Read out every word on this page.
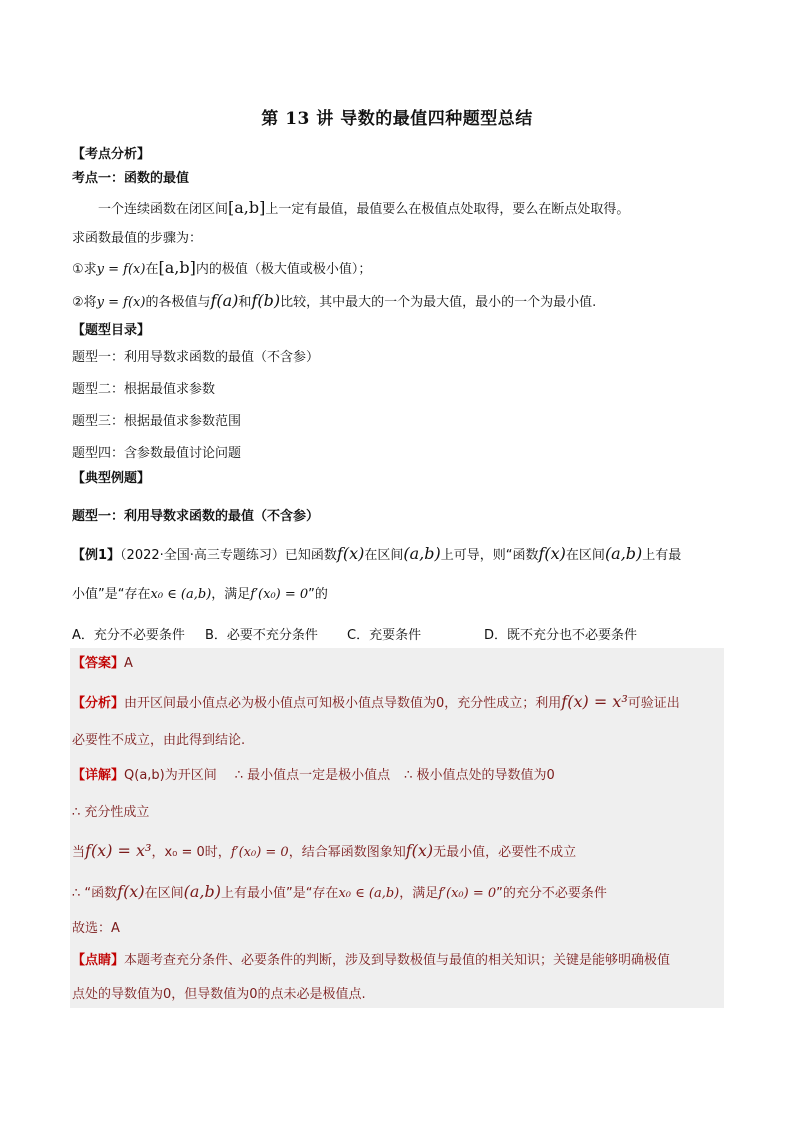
第 13 讲 导数的最值四种题型总结
【考点分析】
考点一：函数的最值
一个连续函数在闭区间[a,b]上一定有最值，最值要么在极值点处取得，要么在断点处取得。
求函数最值的步骤为：
①求y = f(x)在[a,b]内的极值（极大值或极小值）；
②将y = f(x)的各极值与f(a)和f(b)比较，其中最大的一个为最大值，最小的一个为最小值.
【题型目录】
题型一：利用导数求函数的最值（不含参）
题型二：根据最值求参数
题型三：根据最值求参数范围
题型四：含参数最值讨论问题
【典型例题】
题型一：利用导数求函数的最值（不含参）
【例1】（2022·全国·高三专题练习）已知函数f(x)在区间(a,b)上可导，则“函数f(x)在区间(a,b)上有最
小值”是“存在x₀ ∈ (a,b)，满足f′(x₀) = 0”的
A．充分不必要条件 B．必要不充分条件 C．充要条件	D．既不充分也不必要条件
【答案】A
【分析】由开区间最小值点必为极小值点可知极小值点导数值为0，充分性成立；利用f(x) = x³可验证出
必要性不成立，由此得到结论.
【详解】Q(a,b)为开区间 ∴ 最小值点一定是极小值点 ∴ 极小值点处的导数值为0
∴ 充分性成立
当f(x) = x³，x₀ = 0时，f′(x₀) = 0，结合幂函数图象知f(x)无最小值，必要性不成立
∴ “函数f(x)在区间(a,b)上有最小值”是“存在x₀ ∈ (a,b)，满足f′(x₀) = 0”的充分不必要条件
故选：A
【点睛】本题考查充分条件、必要条件的判断，涉及到导数极值与最值的相关知识；关键是能够明确极值
点处的导数值为0，但导数值为0的点未必是极值点.
